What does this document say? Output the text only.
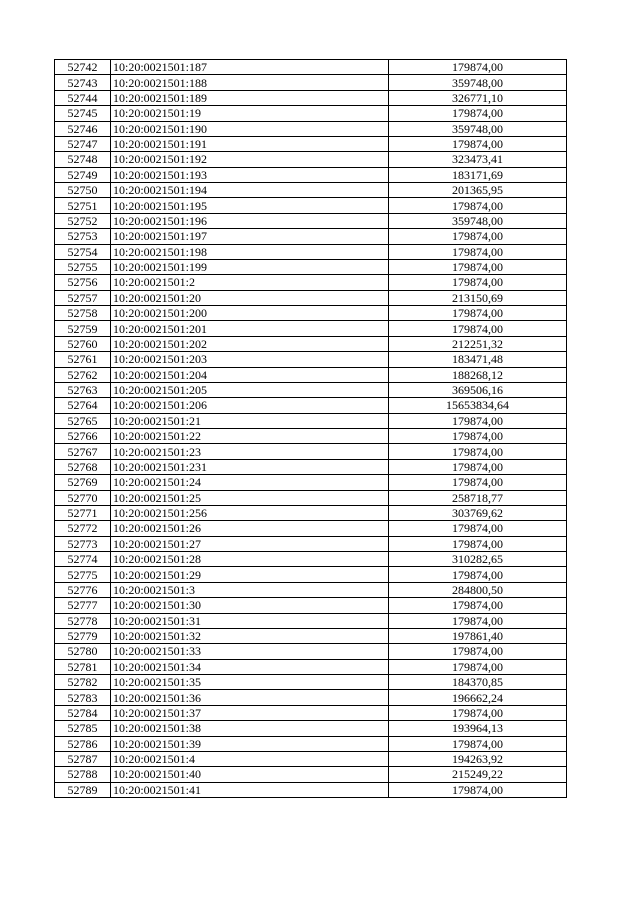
52742	10:20:0021501:187	179874,00
52743	10:20:0021501:188	359748,00
52744	10:20:0021501:189	326771,10
52745	10:20:0021501:19	179874,00
52746	10:20:0021501:190	359748,00
52747	10:20:0021501:191	179874,00
52748	10:20:0021501:192	323473,41
52749	10:20:0021501:193	183171,69
52750	10:20:0021501:194	201365,95
52751	10:20:0021501:195	179874,00
52752	10:20:0021501:196	359748,00
52753	10:20:0021501:197	179874,00
52754	10:20:0021501:198	179874,00
52755	10:20:0021501:199	179874,00
52756	10:20:0021501:2	179874,00
52757	10:20:0021501:20	213150,69
52758	10:20:0021501:200	179874,00
52759	10:20:0021501:201	179874,00
52760	10:20:0021501:202	212251,32
52761	10:20:0021501:203	183471,48
52762	10:20:0021501:204	188268,12
52763	10:20:0021501:205	369506,16
52764	10:20:0021501:206	15653834,64
52765	10:20:0021501:21	179874,00
52766	10:20:0021501:22	179874,00
52767	10:20:0021501:23	179874,00
52768	10:20:0021501:231	179874,00
52769	10:20:0021501:24	179874,00
52770	10:20:0021501:25	258718,77
52771	10:20:0021501:256	303769,62
52772	10:20:0021501:26	179874,00
52773	10:20:0021501:27	179874,00
52774	10:20:0021501:28	310282,65
52775	10:20:0021501:29	179874,00
52776	10:20:0021501:3	284800,50
52777	10:20:0021501:30	179874,00
52778	10:20:0021501:31	179874,00
52779	10:20:0021501:32	197861,40
52780	10:20:0021501:33	179874,00
52781	10:20:0021501:34	179874,00
52782	10:20:0021501:35	184370,85
52783	10:20:0021501:36	196662,24
52784	10:20:0021501:37	179874,00
52785	10:20:0021501:38	193964,13
52786	10:20:0021501:39	179874,00
52787	10:20:0021501:4	194263,92
52788	10:20:0021501:40	215249,22
52789	10:20:0021501:41	179874,00
